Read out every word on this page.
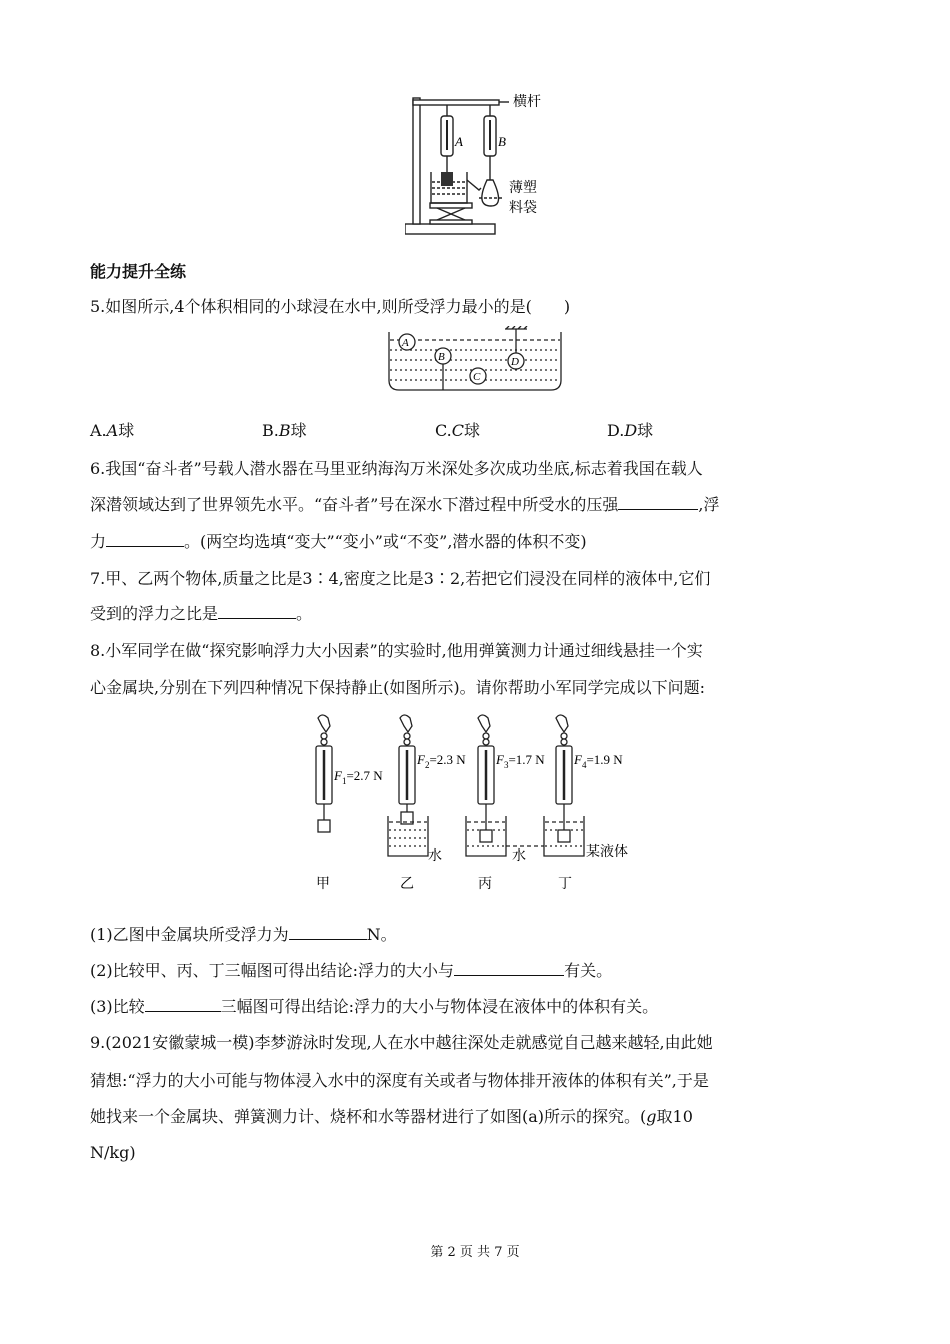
横杆
A	B
薄塑
料袋
能力提升全练
5.如图所示,4个体积相同的小球浸在水中,则所受浮力最小的是(　　)
A
B
C
D
A.A球	B.B球	C.C球	D.D球
6.我国“奋斗者”号载人潜水器在马里亚纳海沟万米深处多次成功坐底,标志着我国在载人
深潜领域达到了世界领先水平。“奋斗者”号在深水下潜过程中所受水的压强	,浮
力	。(两空均选填“变大”“变小”或“不变”,潜水器的体积不变)
7.甲、乙两个物体,质量之比是3∶4,密度之比是3∶2,若把它们浸没在同样的液体中,它们
受到的浮力之比是	。
8.小军同学在做“探究影响浮力大小因素”的实验时,他用弹簧测力计通过细线悬挂一个实
心金属块,分别在下列四种情况下保持静止(如图所示)。请你帮助小军同学完成以下问题:
$F_1=2.7$ N
$F_2=2.3$ N $F_3=1.7$ N $F_4=1.9$ N
水	水	某液体
甲	乙	丙	丁
(1)乙图中金属块所受浮力为	N。
(2)比较甲、丙、丁三幅图可得出结论:浮力的大小与	有关。
(3)比较	三幅图可得出结论:浮力的大小与物体浸在液体中的体积有关。
9.(2021安徽蒙城一模)李梦游泳时发现,人在水中越往深处走就感觉自己越来越轻,由此她
猜想:“浮力的大小可能与物体浸入水中的深度有关或者与物体排开液体的体积有关”,于是
她找来一个金属块、弹簧测力计、烧杯和水等器材进行了如图(a)所示的探究。(g取10
N/kg)
第 2 页 共 7 页
